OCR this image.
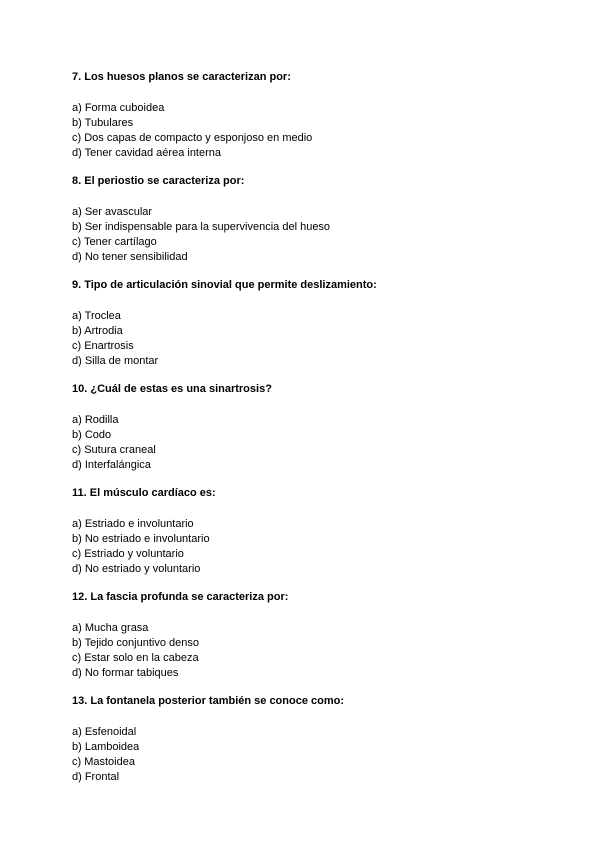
7. Los huesos planos se caracterizan por:
a) Forma cuboidea
b) Tubulares
c) Dos capas de compacto y esponjoso en medio
d) Tener cavidad aérea interna
8. El periostio se caracteriza por:
a) Ser avascular
b) Ser indispensable para la supervivencia del hueso
c) Tener cartílago
d) No tener sensibilidad
9. Tipo de articulación sinovial que permite deslizamiento:
a) Troclea
b) Artrodia
c) Enartrosis
d) Silla de montar
10. ¿Cuál de estas es una sinartrosis?
a) Rodilla
b) Codo
c) Sutura craneal
d) Interfalángica
11. El músculo cardíaco es:
a) Estriado e involuntario
b) No estriado e involuntario
c) Estriado y voluntario
d) No estriado y voluntario
12. La fascia profunda se caracteriza por:
a) Mucha grasa
b) Tejido conjuntivo denso
c) Estar solo en la cabeza
d) No formar tabiques
13. La fontanela posterior también se conoce como:
a) Esfenoidal
b) Lamboidea
c) Mastoidea
d) Frontal
